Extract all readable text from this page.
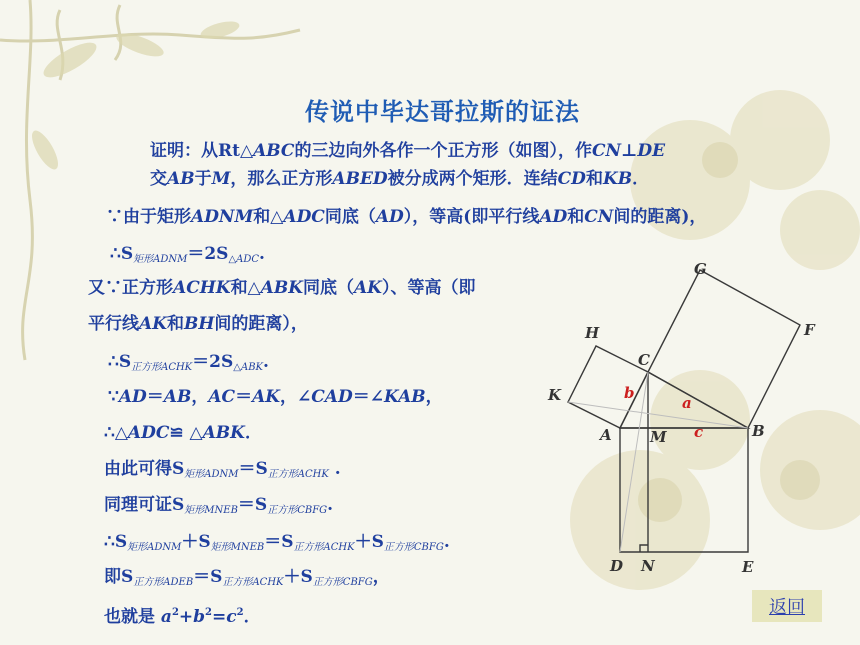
传说中毕达哥拉斯的证法
证明：从Rt△ABC的三边向外各作一个正方形（如图），作CN⊥DE
交AB于M，那么正方形ABED被分成两个矩形．连结CD和KB．
∵由于矩形ADNM和△ADC同底（AD），等高(即平行线AD和CN间的距离)，
$\therefore S_{矩形ADNM}=2S_{\triangle ADC}$.
又∵正方形ACHK和△ABK同底（AK）、等高（即
平行线AK和BH间的距离），
$\therefore S_{正方形ACHK}=2S_{\triangle ABK}$.
∵AD＝AB，AC＝AK，∠CAD＝∠KAB，
∴△ADC≌ △ABK．
由此可得$S_{矩形ADNM}=S_{正方形ACHK}$ .
同理可证$S_{矩形MNEB}=S_{正方形CBFG}$.
$\therefore S_{矩形ADNM}+S_{矩形MNEB}=S_{正方形ACHK}+S_{正方形CBFG}$.
即$S_{正方形ADEB}=S_{正方形ACHK}+S_{正方形CBFG}$，
也就是 $a^2+b^2=c^2$．
G
F
H
C
K
A	M	B
D N	E
b
a
c
返回
